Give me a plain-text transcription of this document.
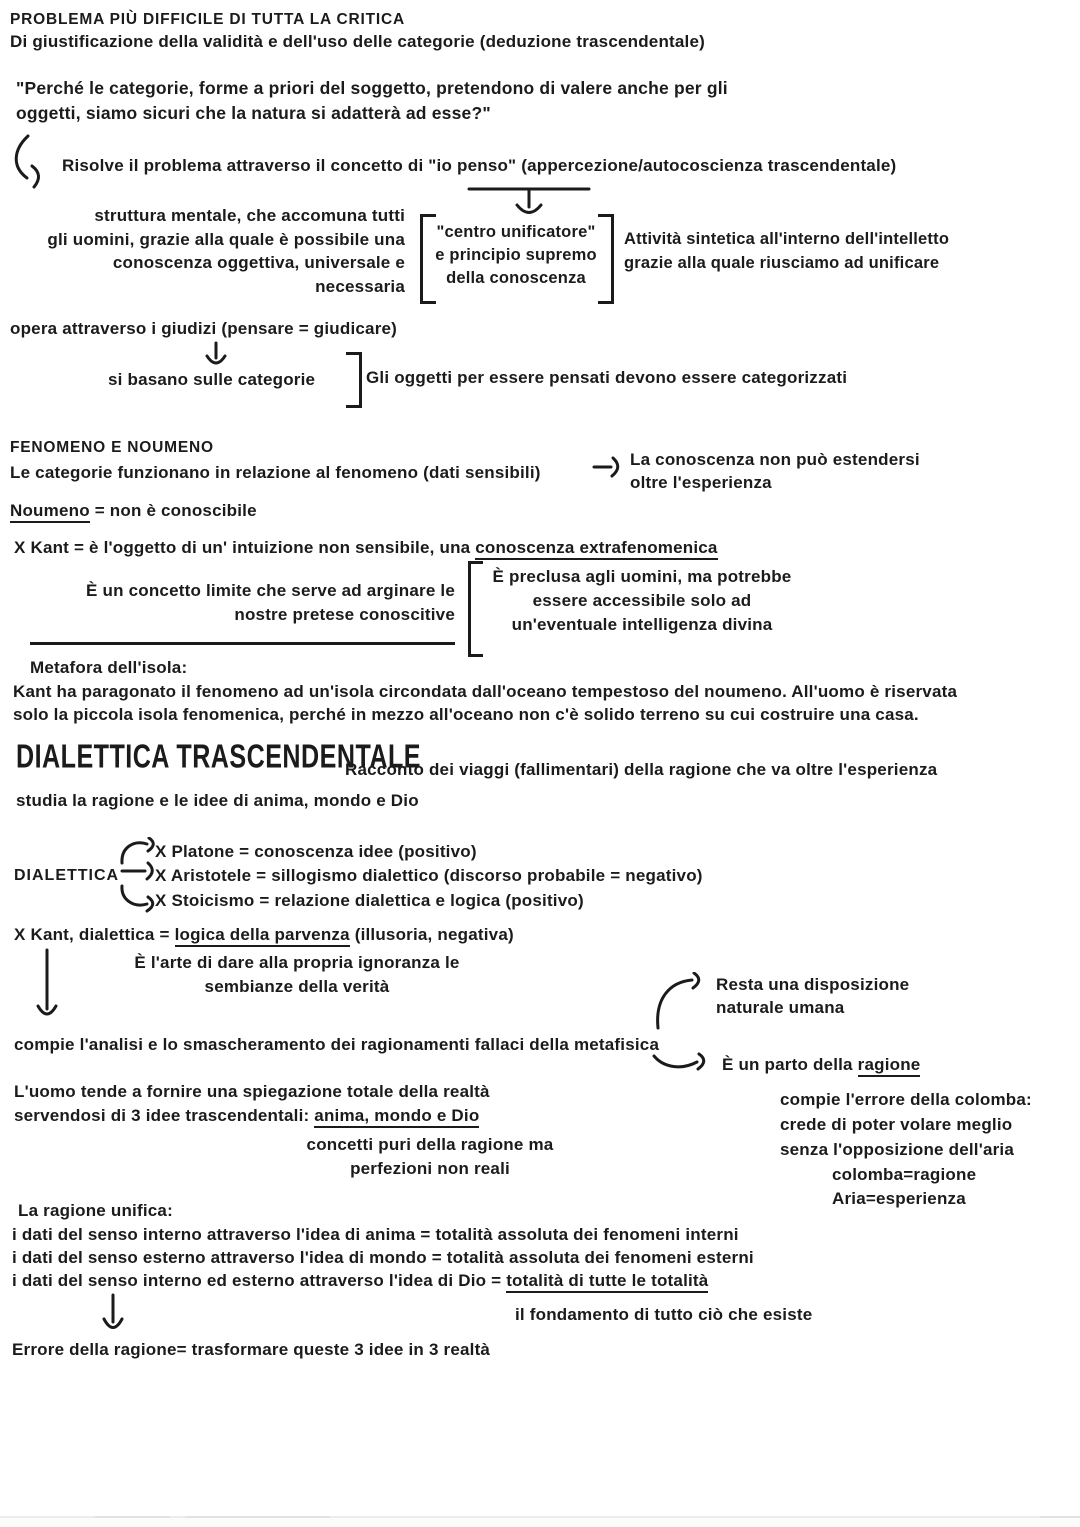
PROBLEMA PIÙ DIFFICILE DI TUTTA LA CRITICA
Di giustificazione della validità e dell'uso delle categorie (deduzione trascendentale)
"Perché le categorie, forme a priori del soggetto, pretendono di valere anche per gli
oggetti, siamo sicuri che la natura si adatterà ad esse?"
Risolve il problema attraverso il concetto di "io penso" (appercezione/autocoscienza trascendentale)
struttura mentale, che accomuna tutti
gli uomini, grazie alla quale è possibile una
conoscenza oggettiva, universale e
necessaria
"centro unificatore"
e principio supremo
della conoscenza
Attività sintetica all'interno dell'intelletto
grazie alla quale riusciamo ad unificare
opera attraverso i giudizi (pensare = giudicare)
si basano sulle categorie	Gli oggetti per essere pensati devono essere categorizzati
FENOMENO E NOUMENO
Le categorie funzionano in relazione al fenomeno (dati sensibili)
La conoscenza non può estendersi
oltre l'esperienza
Noumeno = non è conoscibile
X Kant = è l'oggetto di un' intuizione non sensibile, una conoscenza extrafenomenica
È un concetto limite che serve ad arginare le
nostre pretese conoscitive
È preclusa agli uomini, ma potrebbe
essere accessibile solo ad
un'eventuale intelligenza divina
Metafora dell'isola:
Kant ha paragonato il fenomeno ad un'isola circondata dall'oceano tempestoso del noumeno. All'uomo è riservata
solo la piccola isola fenomenica, perché in mezzo all'oceano non c'è solido terreno su cui costruire una casa.
DIALETTICA TRASCENDENTALE
Racconto dei viaggi (fallimentari) della ragione che va oltre l'esperienza
studia la ragione e le idee di anima, mondo e Dio
DIALETTICA
X Platone = conoscenza idee (positivo)
X Aristotele = sillogismo dialettico (discorso probabile = negativo)
X Stoicismo = relazione dialettica e logica (positivo)
X Kant, dialettica = logica della parvenza (illusoria, negativa)
È l'arte di dare alla propria ignoranza le
sembianze della verità	Resta una disposizione
naturale umana
compie l'analisi e lo smascheramento dei ragionamenti fallaci della metafisica
È un parto della ragione
L'uomo tende a fornire una spiegazione totale della realtà
servendosi di 3 idee trascendentali: anima, mondo e Dio
concetti puri della ragione ma
perfezioni non reali
compie l'errore della colomba:
crede di poter volare meglio
senza l'opposizione dell'aria
colomba=ragione
Aria=esperienza
La ragione unifica:
i dati del senso interno attraverso l'idea di anima = totalità assoluta dei fenomeni interni
i dati del senso esterno attraverso l'idea di mondo = totalità assoluta dei fenomeni esterni
i dati del senso interno ed esterno attraverso l'idea di Dio = totalità di tutte le totalità
il fondamento di tutto ciò che esiste
Errore della ragione= trasformare queste 3 idee in 3 realtà
